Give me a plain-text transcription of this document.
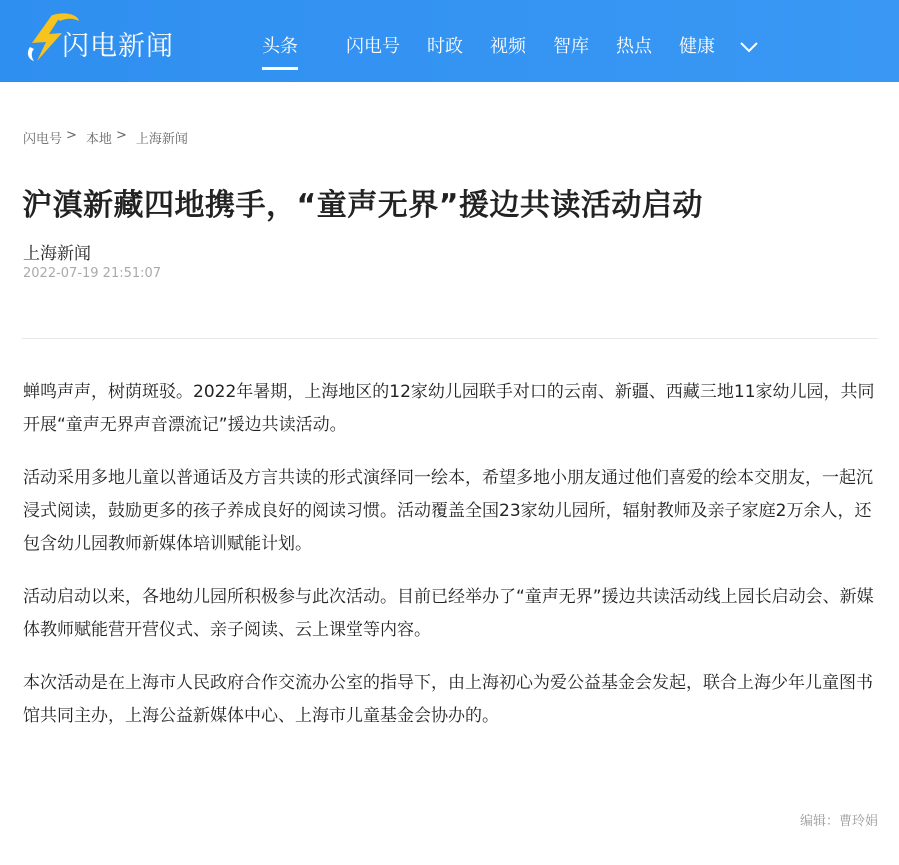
闪电新闻	头条	闪电号 时政 视频 智库 热点 健康
闪电号 > 本地 > 上海新闻
沪滇新藏四地携手，“童声无界”援边共读活动启动
上海新闻
2022-07-19 21:51:07

蝉鸣声声，树荫斑驳。2022年暑期，上海地区的12家幼儿园联手对口的云南、新疆、西藏三地11家幼儿园，共同开展“童声无界声音漂流记”援边共读活动。

活动采用多地儿童以普通话及方言共读的形式演绎同一绘本，希望多地小朋友通过他们喜爱的绘本交朋友，一起沉浸式阅读，鼓励更多的孩子养成良好的阅读习惯。活动覆盖全国23家幼儿园所，辐射教师及亲子家庭2万余人，还包含幼儿园教师新媒体培训赋能计划。

活动启动以来，各地幼儿园所积极参与此次活动。目前已经举办了“童声无界”援边共读活动线上园长启动会、新媒体教师赋能营开营仪式、亲子阅读、云上课堂等内容。

本次活动是在上海市人民政府合作交流办公室的指导下，由上海初心为爱公益基金会发起，联合上海少年儿童图书馆共同主办，上海公益新媒体中心、上海市儿童基金会协办的。

编辑：曹玲娟
